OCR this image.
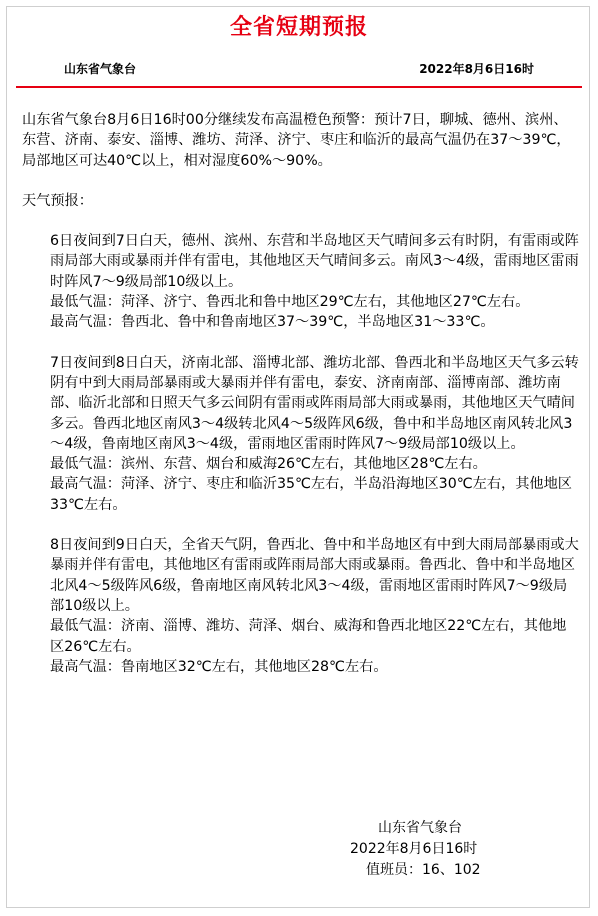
全省短期预报
山东省气象台	2022年8月6日16时

山东省气象台8月6日16时00分继续发布高温橙色预警：预计7日，聊城、德州、滨州、东营、济南、泰安、淄博、潍坊、菏泽、济宁、枣庄和临沂的最高气温仍在37～39℃，局部地区可达40℃以上，相对湿度60%～90%。

天气预报：

6日夜间到7日白天，德州、滨州、东营和半岛地区天气晴间多云有时阴，有雷雨或阵雨局部大雨或暴雨并伴有雷电，其他地区天气晴间多云。南风3～4级，雷雨地区雷雨时阵风7～9级局部10级以上。

最低气温：菏泽、济宁、鲁西北和鲁中地区29℃左右，其他地区27℃左右。

最高气温：鲁西北、鲁中和鲁南地区37～39℃，半岛地区31～33℃。

7日夜间到8日白天，济南北部、淄博北部、潍坊北部、鲁西北和半岛地区天气多云转阴有中到大雨局部暴雨或大暴雨并伴有雷电，泰安、济南南部、淄博南部、潍坊南部、临沂北部和日照天气多云间阴有雷雨或阵雨局部大雨或暴雨，其他地区天气晴间多云。鲁西北地区南风3～4级转北风4～5级阵风6级，鲁中和半岛地区南风转北风3～4级，鲁南地区南风3～4级，雷雨地区雷雨时阵风7～9级局部10级以上。

最低气温：滨州、东营、烟台和威海26℃左右，其他地区28℃左右。

最高气温：菏泽、济宁、枣庄和临沂35℃左右，半岛沿海地区30℃左右，其他地区33℃左右。

8日夜间到9日白天，全省天气阴，鲁西北、鲁中和半岛地区有中到大雨局部暴雨或大暴雨并伴有雷电，其他地区有雷雨或阵雨局部大雨或暴雨。鲁西北、鲁中和半岛地区北风4～5级阵风6级，鲁南地区南风转北风3～4级，雷雨地区雷雨时阵风7～9级局部10级以上。

最低气温：济南、淄博、潍坊、菏泽、烟台、威海和鲁西北地区22℃左右，其他地区26℃左右。

最高气温：鲁南地区32℃左右，其他地区28℃左右。

山东省气象台
2022年8月6日16时
值班员：16、102
